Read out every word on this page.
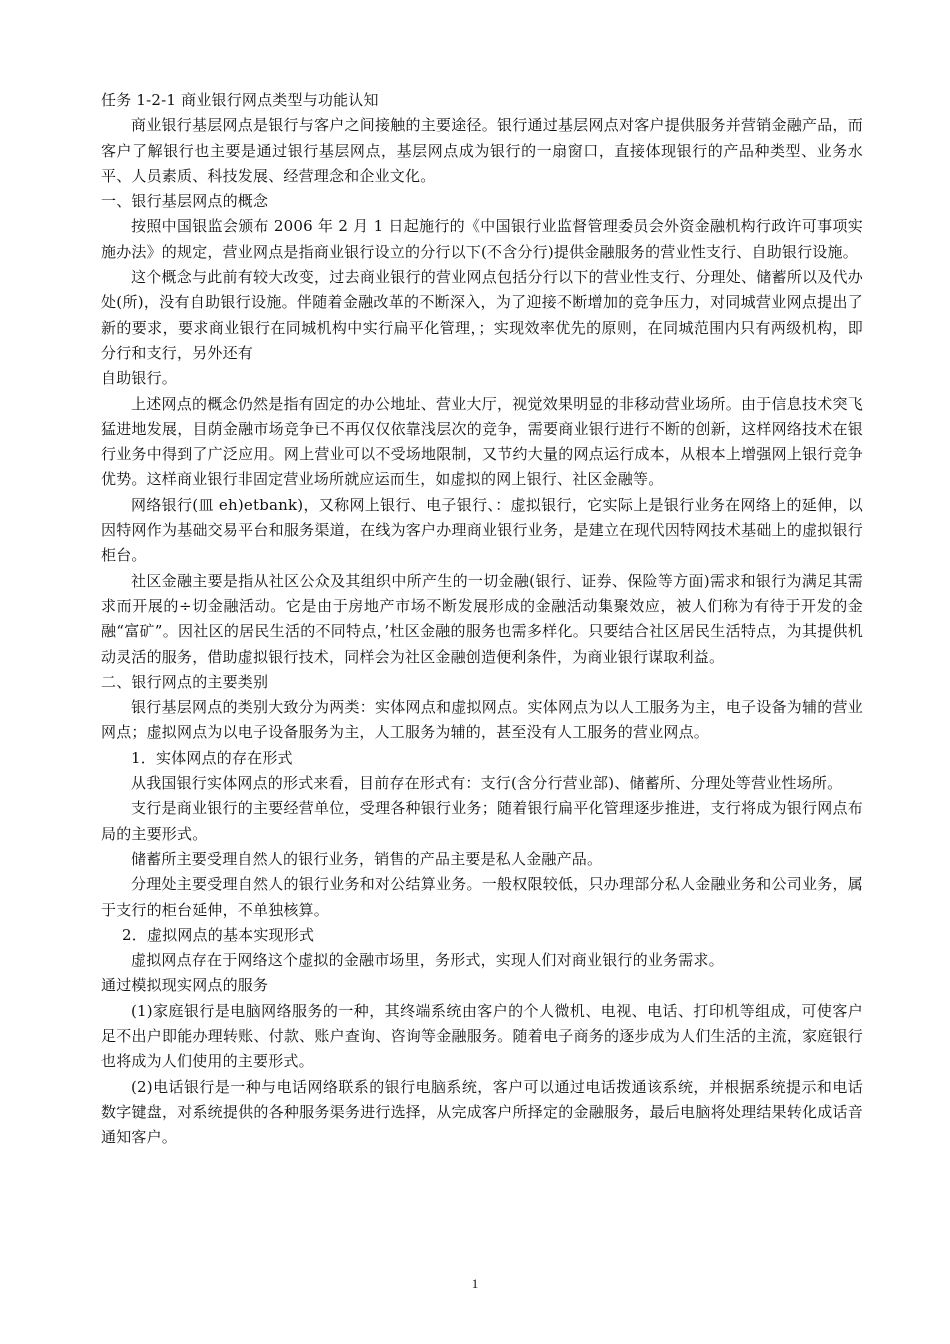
任务 1-2-1 商业银行网点类型与功能认知

商业银行基层网点是银行与客户之间接触的主要途径。银行通过基层网点对客户提供服务并营销金融产品，而客户了解银行也主要是通过银行基层网点，基层网点成为银行的一扇窗口，直接体现银行的产品种类型、业务水平、人员素质、科技发展、经营理念和企业文化。

一、银行基层网点的概念

按照中国银监会颁布 2006 年 2 月 1 日起施行的《中国银行业监督管理委员会外资金融机构行政许可事项实施办法》的规定，营业网点是指商业银行设立的分行以下(不含分行)提供金融服务的营业性支行、自助银行设施。

这个概念与此前有较大改变，过去商业银行的营业网点包括分行以下的营业性支行、分理处、储蓄所以及代办处(所)，没有自助银行设施。伴随着金融改革的不断深入，为了迎接不断增加的竞争压力，对同城营业网点提出了新的要求，要求商业银行在同城机构中实行扁平化管理，；实现效率优先的原则，在同城范围内只有两级机构，即分行和支行，另外还有

自助银行。

上述网点的概念仍然是指有固定的办公地址、营业大厅，视觉效果明显的非移动营业场所。由于信息技术突飞猛进地发展，目荫金融市场竞争已不再仅仅依靠浅层次的竞争，需要商业银行进行不断的创新，这样网络技术在银行业务中得到了广泛应用。网上营业可以不受场地限制，又节约大量的网点运行成本，从根本上增强网上银行竞争优势。这样商业银行非固定营业场所就应运而生，如虚拟的网上银行、社区金融等。

网络银行(皿 eh)etbank)，又称网上银行、电子银行、：虚拟银行，它实际上是银行业务在网络上的延伸，以因特网作为基础交易平台和服务渠道，在线为客户办理商业银行业务，是建立在现代因特网技术基础上的虚拟银行柜台。

社区金融主要是指从社区公众及其组织中所产生的一切金融(银行、证券、保险等方面)需求和银行为满足其需求而开展的÷切金融活动。它是由于房地产市场不断发展形成的金融活动集聚效应，被人们称为有待于开发的金融“富矿”。因社区的居民生活的不同特点，’杜区金融的服务也需多样化。只要结合社区居民生活特点，为其提供机动灵活的服务，借助虚拟银行技术，同样会为社区金融创造便利条件，为商业银行谋取利益。

二、银行网点的主要类别

银行基层网点的类别大致分为两类：实体网点和虚拟网点。实体网点为以人工服务为主，电子设备为辅的营业网点；虚拟网点为以电子设备服务为主，人工服务为辅的，甚至没有人工服务的营业网点。

1．实体网点的存在形式

从我国银行实体网点的形式来看，目前存在形式有：支行(含分行营业部)、储蓄所、分理处等营业性场所。

支行是商业银行的主要经营单位，受理各种银行业务；随着银行扁平化管理逐步推进，支行将成为银行网点布局的主要形式。

储蓄所主要受理自然人的银行业务，销售的产品主要是私人金融产品。

分理处主要受理自然人的银行业务和对公结算业务。一般权限较低，只办理部分私人金融业务和公司业务，属于支行的柜台延伸，不单独核算。

2．虚拟网点的基本实现形式

虚拟网点存在于网络这个虚拟的金融市场里，务形式，实现人们对商业银行的业务需求。

通过模拟现实网点的服务

(1)家庭银行是电脑网络服务的一种，其终端系统由客户的个人微机、电视、电话、打印机等组成，可使客户足不出户即能办理转账、付款、账户查询、咨询等金融服务。随着电子商务的逐步成为人们生活的主流，家庭银行也将成为人们使用的主要形式。

(2)电话银行是一种与电话网络联系的银行电脑系统，客户可以通过电话拨通该系统，并根据系统提示和电话数字键盘，对系统提供的各种服务渠务进行选择，从完成客户所择定的金融服务，最后电脑将处理结果转化成话音通知客户。

1
